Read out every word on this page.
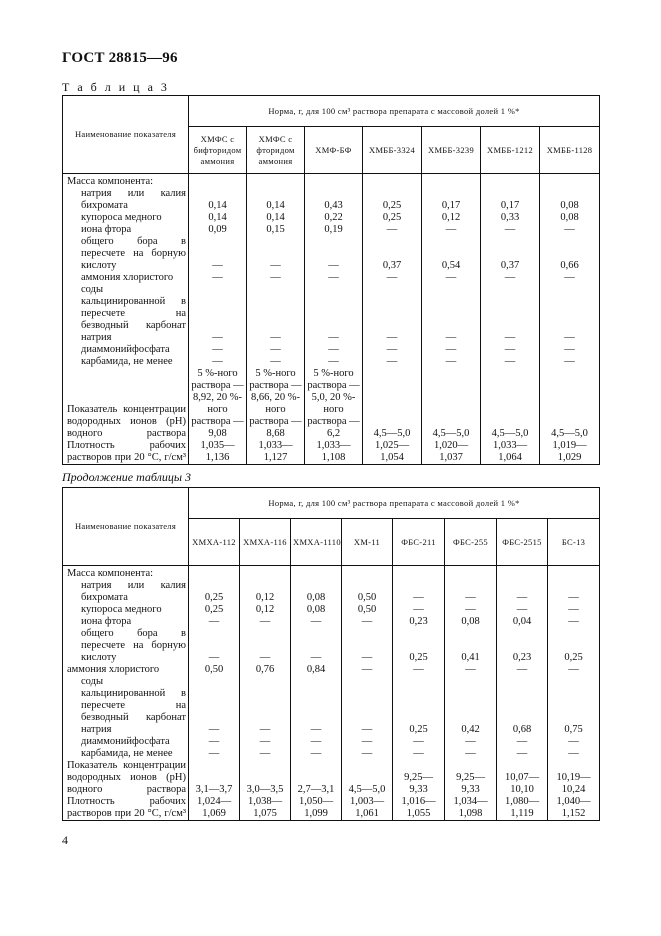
ГОСТ 28815—96
Т а б л и ц а 3
Наименование показателя	Норма, г, для 100 см³ раствора препарата с массовой долей 1 %*						
	ХМФС с бифторидом аммония	ХМФС с фторидом аммония	ХМФ-БФ	ХМББ-3324	ХМББ-3239	ХМББ-1212	ХМББ-1128
Масса компонента:							
натрия или калия бихромата	0,14	0,14	0,43	0,25	0,17	0,17	0,08
купороса медного	0,14	0,14	0,22	0,25	0,12	0,33	0,08
иона фтора	0,09	0,15	0,19	—	—	—	—
общего бора в пересчете на борную кислоту	—	—	—	0,37	0,54	0,37	0,66
аммония хлористого	—	—	—	—	—	—	—
соды кальцинированной в пересчете на безводный карбонат натрия	—	—	—	—	—	—	—
диаммонийфосфата	—	—	—	—	—	—	—
карбамида, не менее	—	—	—	—	—	—	—
Показатель концентрации водородных ионов (рН) водного раствора	5 %-ного раствора — 8,92, 20 %-ного раствора — 9,08	5 %-ного раствора — 8,66, 20 %-ного раствора — 8,68	5 %-ного раствора — 5,0, 20 %-ного раствора — 6,2	4,5—5,0	4,5—5,0	4,5—5,0	4,5—5,0
Плотность рабочих растворов при 20 °С, г/см³	1,035— 1,136	1,033— 1,127	1,033— 1,108	1,025— 1,054	1,020— 1,037	1,033— 1,064	1,019— 1,029
Продолжение таблицы 3
Наименование показателя	Норма, г, для 100 см³ раствора препарата с массовой долей 1 %*							
	ХМХА-112	ХМХА-116	ХМХА-1110	ХМ-11	ФБС-211	ФБС-255	ФБС-2515	БС-13
Масса компонента:								
натрия или калия бихромата	0,25	0,12	0,08	0,50	—	—	—	—
купороса медного	0,25	0,12	0,08	0,50	—	—	—	—
иона фтора	—	—	—	—	0,23	0,08	0,04	—
общего бора в пересчете на борную кислоту	—	—	—	—	0,25	0,41	0,23	0,25
аммония хлористого	0,50	0,76	0,84	—	—	—	—	—
соды кальцинированной в пересчете на безводный карбонат натрия	—	—	—	—	0,25	0,42	0,68	0,75
диаммонийфосфата	—	—	—	—	—	—	—	—
карбамида, не менее	—	—	—	—	—	—	—	—
Показатель концентрации водородных ионов (рН) водного раствора	3,1—3,7	3,0—3,5	2,7—3,1	4,5—5,0	9,25—9,33	9,25—9,33	10,07— 10,10	10,19— 10,24
Плотность рабочих растворов при 20 °С, г/см³	1,024— 1,069	1,038— 1,075	1,050— 1,099	1,003— 1,061	1,016— 1,055	1,034— 1,098	1,080— 1,119	1,040— 1,152
4
